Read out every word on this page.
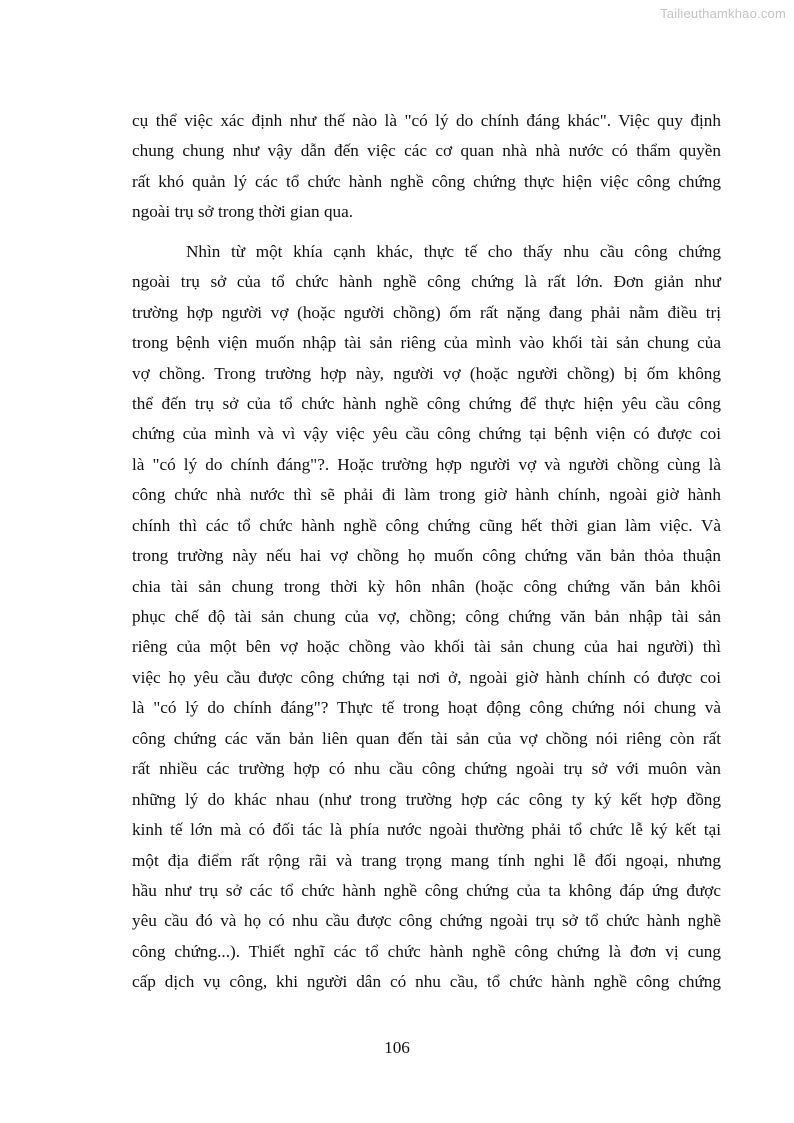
Tailieuthamkhao.com
cụ thể việc xác định như thế nào là "có lý do chính đáng khác". Việc quy định
chung chung như vậy dẫn đến việc các cơ quan nhà nhà nước có thẩm quyền
rất khó quản lý các tổ chức hành nghề công chứng thực hiện việc công chứng
ngoài trụ sở trong thời gian qua.
Nhìn từ một khía cạnh khác, thực tế cho thấy nhu cầu công chứng
ngoài trụ sở của tổ chức hành nghề công chứng là rất lớn. Đơn giản như
trường hợp người vợ (hoặc người chồng) ốm rất nặng đang phải nằm điều trị
trong bệnh viện muốn nhập tài sản riêng của mình vào khối tài sản chung của
vợ chồng. Trong trường hợp này, người vợ (hoặc người chồng) bị ốm không
thể đến trụ sở của tổ chức hành nghề công chứng để thực hiện yêu cầu công
chứng của mình và vì vậy việc yêu cầu công chứng tại bệnh viện có được coi
là "có lý do chính đáng"?. Hoặc trường hợp người vợ và người chồng cùng là
công chức nhà nước thì sẽ phải đi làm trong giờ hành chính, ngoài giờ hành
chính thì các tổ chức hành nghề công chứng cũng hết thời gian làm việc. Và
trong trường này nếu hai vợ chồng họ muốn công chứng văn bản thỏa thuận
chia tài sản chung trong thời kỳ hôn nhân (hoặc công chứng văn bản khôi
phục chế độ tài sản chung của vợ, chồng; công chứng văn bản nhập tài sản
riêng của một bên vợ hoặc chồng vào khối tài sản chung của hai người) thì
việc họ yêu cầu được công chứng tại nơi ở, ngoài giờ hành chính có được coi
là "có lý do chính đáng"? Thực tế trong hoạt động công chứng nói chung và
công chứng các văn bản liên quan đến tài sản của vợ chồng nói riêng còn rất
rất nhiều các trường hợp có nhu cầu công chứng ngoài trụ sở với muôn vàn
những lý do khác nhau (như trong trường hợp các công ty ký kết hợp đồng
kinh tế lớn mà có đối tác là phía nước ngoài thường phải tổ chức lễ ký kết tại
một địa điểm rất rộng rãi và trang trọng mang tính nghi lễ đối ngoại, nhưng
hầu như trụ sở các tổ chức hành nghề công chứng của ta không đáp ứng được
yêu cầu đó và họ có nhu cầu được công chứng ngoài trụ sở tổ chức hành nghề
công chứng...). Thiết nghĩ các tổ chức hành nghề công chứng là đơn vị cung
cấp dịch vụ công, khi người dân có nhu cầu, tổ chức hành nghề công chứng
106
